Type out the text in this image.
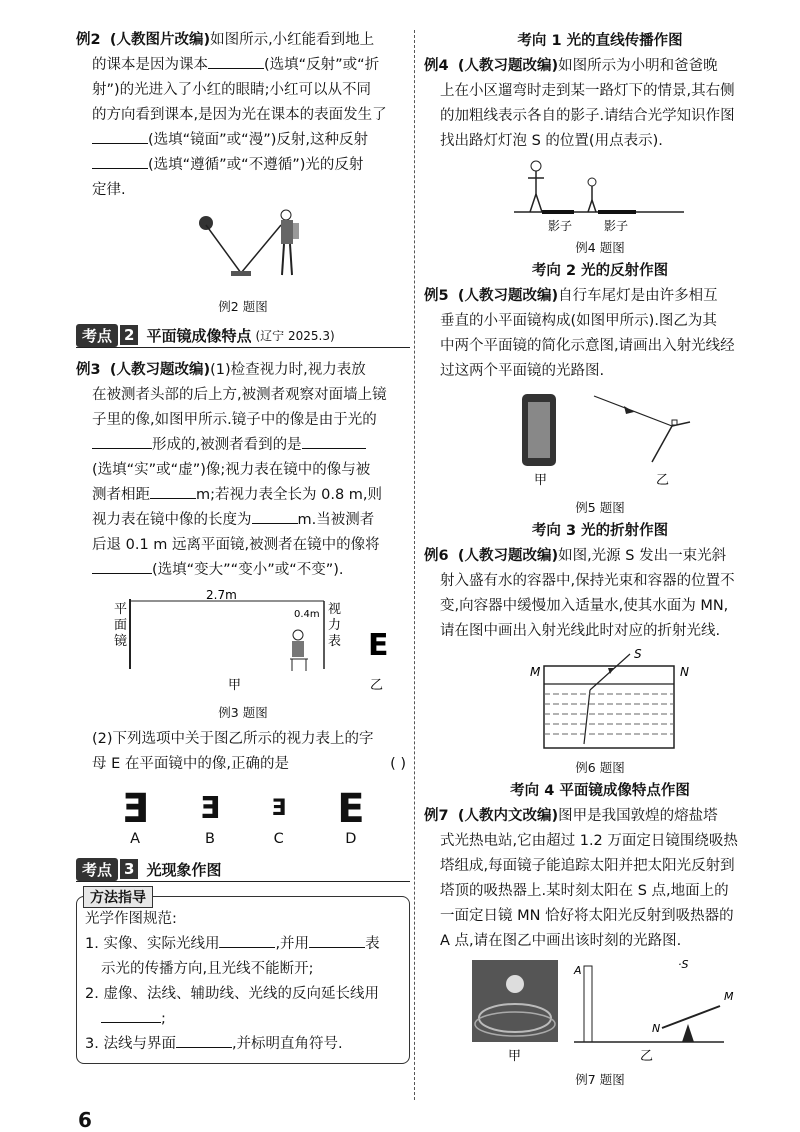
例2 (人教图片改编)如图所示,小红能看到地上

的课本是因为课本	(选填“反射”或“折

射”)的光进入了小红的眼睛;小红可以从不同

的方向看到课本,是因为光在课本的表面发生了

(选填“镜面”或“漫”)反射,这种反射

(选填“遵循”或“不遵循”)光的反射

定律.

例2 题图
考点 2 平面镜成像特点 (辽宁 2025.3)

例3 (人教习题改编)(1)检查视力时,视力表放

在被测者头部的后上方,被测者观察对面墙上镜

子里的像,如图甲所示.镜子中的像是由于光的

形成的,被测者看到的是

(选填“实”或“虚”)像;视力表在镜中的像与被

测者相距	m;若视力表全长为 0.8 m,则

视力表在镜中像的长度为	m.当被测者

后退 0.1 m 远离平面镜,被测者在镜中的像将

(选填“变大”“变小”或“不变”).

平
面
镜
2.7m
0.4m 视
力
表 E
甲	乙
例3 题图

(2)下列选项中关于图乙所示的视力表上的字

母 E 在平面镜中的像,正确的是	( )

Ǝ
A
Ǝ
B
Ǝ
C
E
D
考点 3 光现象作图
方法指导

光学作图规范:

1. 实像、实际光线用	,并用	表

示光的传播方向,且光线不能断开;

2. 虚像、法线、辅助线、光线的反向延长线用

;

3. 法线与界面	,并标明直角符号.

6
考向 1 光的直线传播作图

例4 (人教习题改编)如图所示为小明和爸爸晚

上在小区遛弯时走到某一路灯下的情景,其右侧

的加粗线表示各自的影子.请结合光学知识作图

找出路灯灯泡 S 的位置(用点表示).

影子	影子
例4 题图
考向 2 光的反射作图

例5 (人教习题改编)自行车尾灯是由许多相互

垂直的小平面镜构成(如图甲所示).图乙为其

中两个平面镜的简化示意图,请画出入射光线经

过这两个平面镜的光路图.

甲	乙
例5 题图
考向 3 光的折射作图

例6 (人教习题改编)如图,光源 S 发出一束光斜

射入盛有水的容器中,保持光束和容器的位置不

变,向容器中缓慢加入适量水,使其水面为 MN,

请在图中画出入射光线此时对应的折射光线.

S
M	N
例6 题图
考向 4 平面镜成像特点作图

例7 (人教内文改编)图甲是我国敦煌的熔盐塔

式光热电站,它由超过 1.2 万面定日镜围绕吸热

塔组成,每面镜子能追踪太阳并把太阳光反射到

塔顶的吸热器上.某时刻太阳在 S 点,地面上的

一面定日镜 MN 恰好将太阳光反射到吸热器的

A 点,请在图乙中画出该时刻的光路图.

A	·S
M
N
甲	乙
例7 题图
